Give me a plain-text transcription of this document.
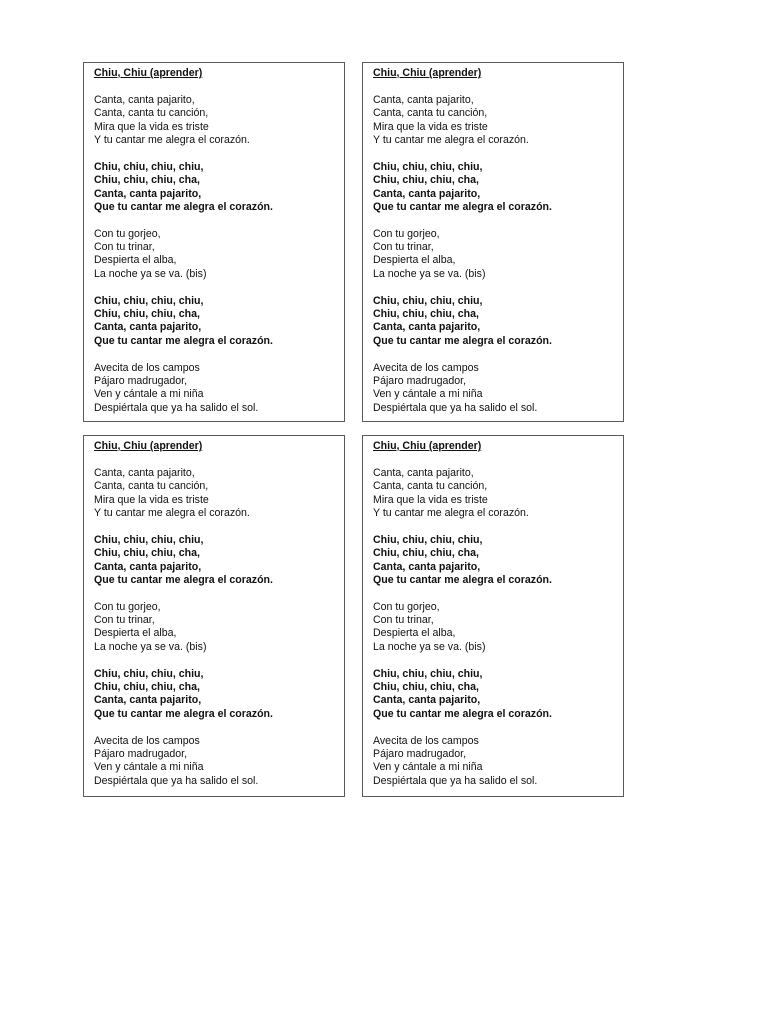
Chiu, Chiu (aprender)
Canta, canta pajarito,
Canta, canta tu canción,
Mira que la vida es triste
Y tu cantar me alegra el corazón.
Chiu, chiu, chiu, chiu,
Chiu, chiu, chiu, cha,
Canta, canta pajarito,
Que tu cantar me alegra el corazón.
Con tu gorjeo,
Con tu trinar,
Despierta el alba,
La noche ya se va. (bis)
Chiu, chiu, chiu, chiu,
Chiu, chiu, chiu, cha,
Canta, canta pajarito,
Que tu cantar me alegra el corazón.
Avecita de los campos
Pájaro madrugador,
Ven y cántale a mi niña
Despiértala que ya ha salido el sol.
Chiu, Chiu (aprender)
Canta, canta pajarito,
Canta, canta tu canción,
Mira que la vida es triste
Y tu cantar me alegra el corazón.
Chiu, chiu, chiu, chiu,
Chiu, chiu, chiu, cha,
Canta, canta pajarito,
Que tu cantar me alegra el corazón.
Con tu gorjeo,
Con tu trinar,
Despierta el alba,
La noche ya se va. (bis)
Chiu, chiu, chiu, chiu,
Chiu, chiu, chiu, cha,
Canta, canta pajarito,
Que tu cantar me alegra el corazón.
Avecita de los campos
Pájaro madrugador,
Ven y cántale a mi niña
Despiértala que ya ha salido el sol.
Chiu, Chiu (aprender)
Canta, canta pajarito,
Canta, canta tu canción,
Mira que la vida es triste
Y tu cantar me alegra el corazón.
Chiu, chiu, chiu, chiu,
Chiu, chiu, chiu, cha,
Canta, canta pajarito,
Que tu cantar me alegra el corazón.
Con tu gorjeo,
Con tu trinar,
Despierta el alba,
La noche ya se va. (bis)
Chiu, chiu, chiu, chiu,
Chiu, chiu, chiu, cha,
Canta, canta pajarito,
Que tu cantar me alegra el corazón.
Avecita de los campos
Pájaro madrugador,
Ven y cántale a mi niña
Despiértala que ya ha salido el sol.
Chiu, Chiu (aprender)
Canta, canta pajarito,
Canta, canta tu canción,
Mira que la vida es triste
Y tu cantar me alegra el corazón.
Chiu, chiu, chiu, chiu,
Chiu, chiu, chiu, cha,
Canta, canta pajarito,
Que tu cantar me alegra el corazón.
Con tu gorjeo,
Con tu trinar,
Despierta el alba,
La noche ya se va. (bis)
Chiu, chiu, chiu, chiu,
Chiu, chiu, chiu, cha,
Canta, canta pajarito,
Que tu cantar me alegra el corazón.
Avecita de los campos
Pájaro madrugador,
Ven y cántale a mi niña
Despiértala que ya ha salido el sol.
